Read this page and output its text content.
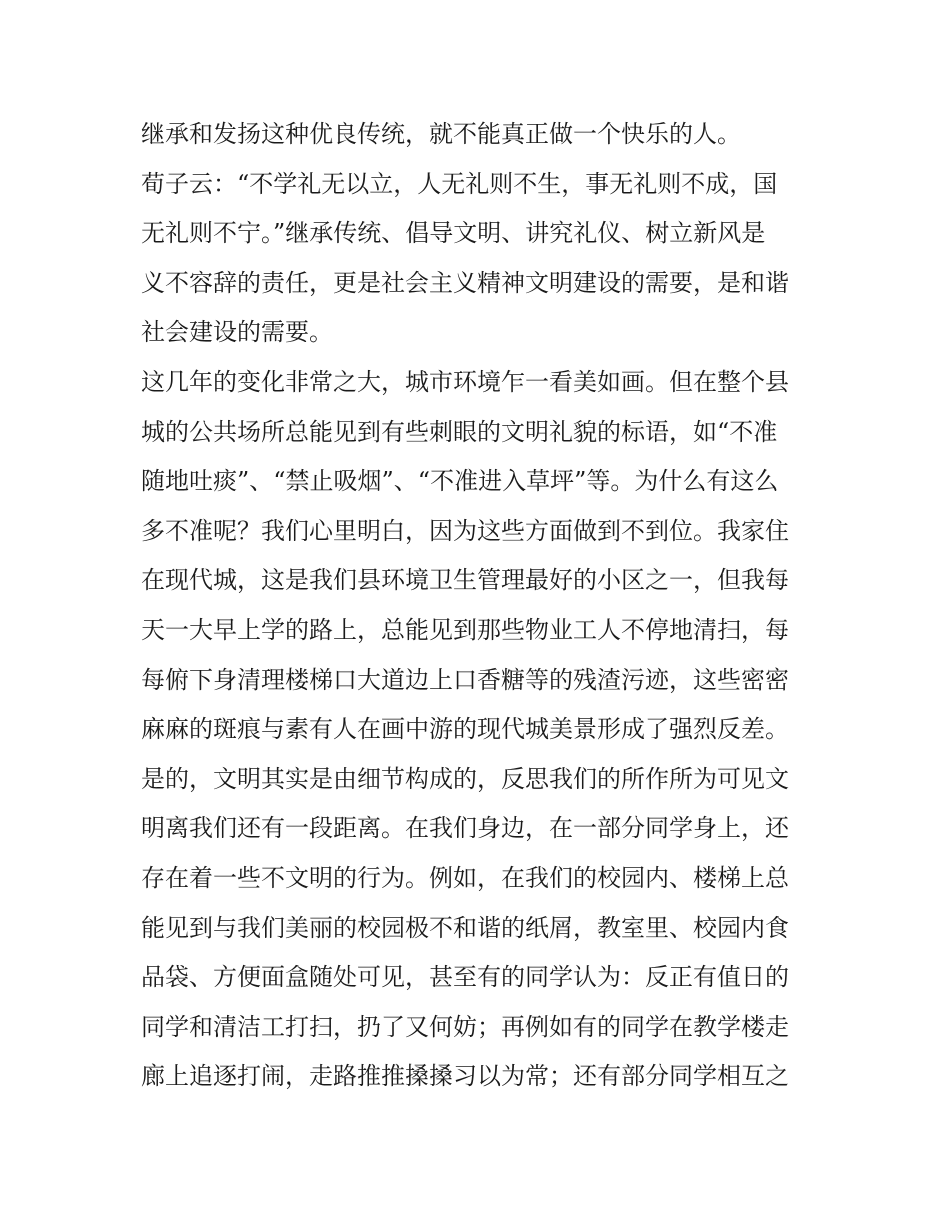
继承和发扬这种优良传统，就不能真正做一个快乐的人。
荀子云：“不学礼无以立，人无礼则不生，事无礼则不成，国
无礼则不宁。”继承传统、倡导文明、讲究礼仪、树立新风是
义不容辞的责任，更是社会主义精神文明建设的需要，是和谐
社会建设的需要。
这几年的变化非常之大，城市环境乍一看美如画。但在整个县
城的公共场所总能见到有些刺眼的文明礼貌的标语，如“不准
随地吐痰”、“禁止吸烟”、“不准进入草坪”等。为什么有这么
多不准呢？我们心里明白，因为这些方面做到不到位。我家住
在现代城，这是我们县环境卫生管理最好的小区之一，但我每
天一大早上学的路上，总能见到那些物业工人不停地清扫，每
每俯下身清理楼梯口大道边上口香糖等的残渣污迹，这些密密
麻麻的斑痕与素有人在画中游的现代城美景形成了强烈反差。
是的，文明其实是由细节构成的，反思我们的所作所为可见文
明离我们还有一段距离。在我们身边，在一部分同学身上，还
存在着一些不文明的行为。例如，在我们的校园内、楼梯上总
能见到与我们美丽的校园极不和谐的纸屑，教室里、校园内食
品袋、方便面盒随处可见，甚至有的同学认为：反正有值日的
同学和清洁工打扫，扔了又何妨；再例如有的同学在教学楼走
廊上追逐打闹，走路推推搡搡习以为常；还有部分同学相互之
